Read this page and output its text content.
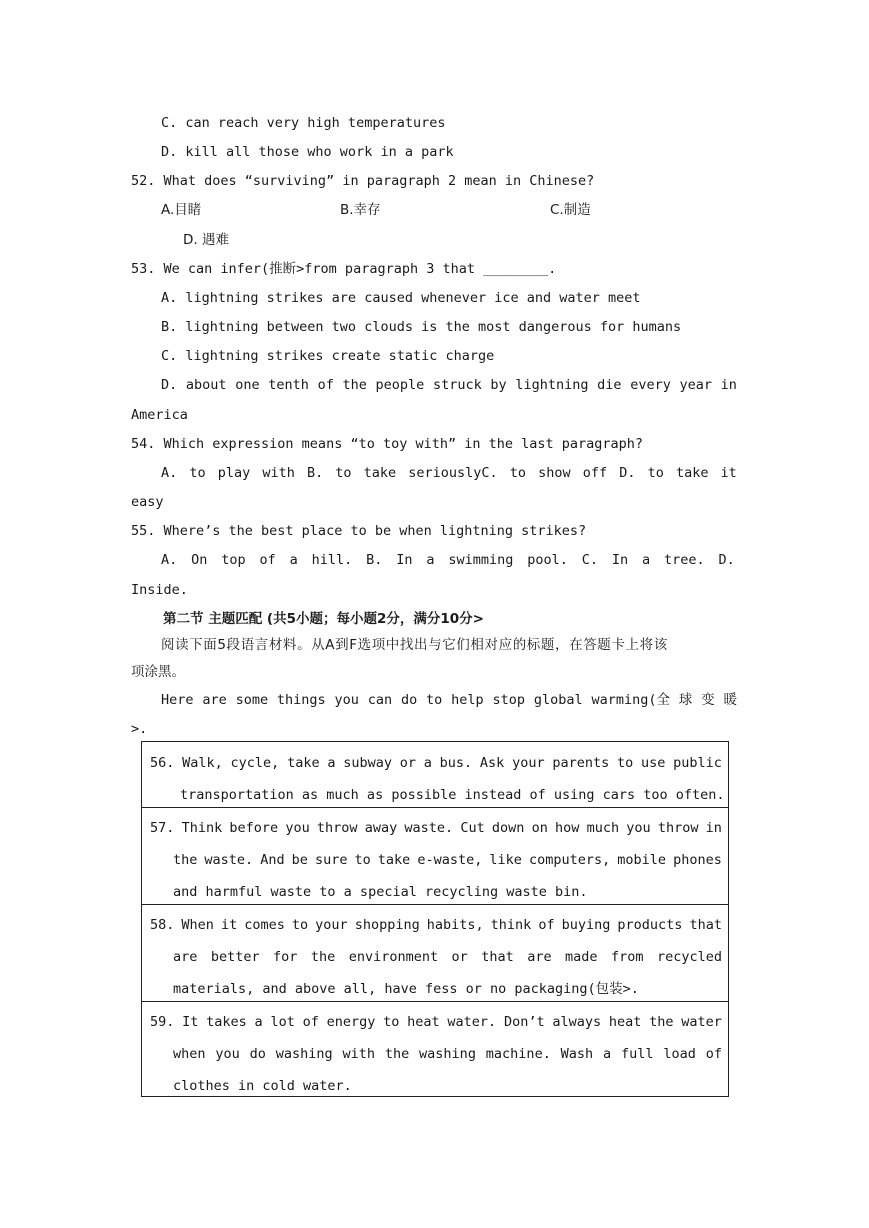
C. can reach very high temperatures
D. kill all those who work in a park
52. What does “surviving” in paragraph 2 mean in Chinese?
A.目睹	B.幸存	C.制造
D. 遇难
53. We can infer(推断>from paragraph 3 that ________.
A. lightning strikes are caused whenever ice and water meet
B. lightning between two clouds is the most dangerous for humans
C. lightning strikes create static charge
D. about one tenth of the people struck by lightning die every year in
America
54. Which expression means “to toy with” in the last paragraph?
A. to play with B. to take seriouslyC. to show off D. to take it
easy
55. Where’s the best place to be when lightning strikes?
A. On top of a hill. B. In a swimming pool. C. In a tree. D.
Inside.
第二节 主题匹配 (共5小题；每小题2分，满分10分>
阅读下面5段语言材料。从A到F选项中找出与它们相对应的标题，在答题卡上将该
项涂黑。
Here are some things you can do to help stop global warming(全 球 变 暖
>.
56. Walk, cycle, take a subway or a bus. Ask your parents to use public
transportation as much as possible instead of using cars too often.
57. Think before you throw away waste. Cut down on how much you throw in
the waste. And be sure to take e-waste, like computers, mobile phones
and harmful waste to a special recycling waste bin.
58. When it comes to your shopping habits, think of buying products that
are better for the environment or that are made from recycled
materials, and above all, have fess or no packaging(包装>.
59. It takes a lot of energy to heat water. Don’t always heat the water
when you do washing with the washing machine. Wash a full load of
clothes in cold water.
